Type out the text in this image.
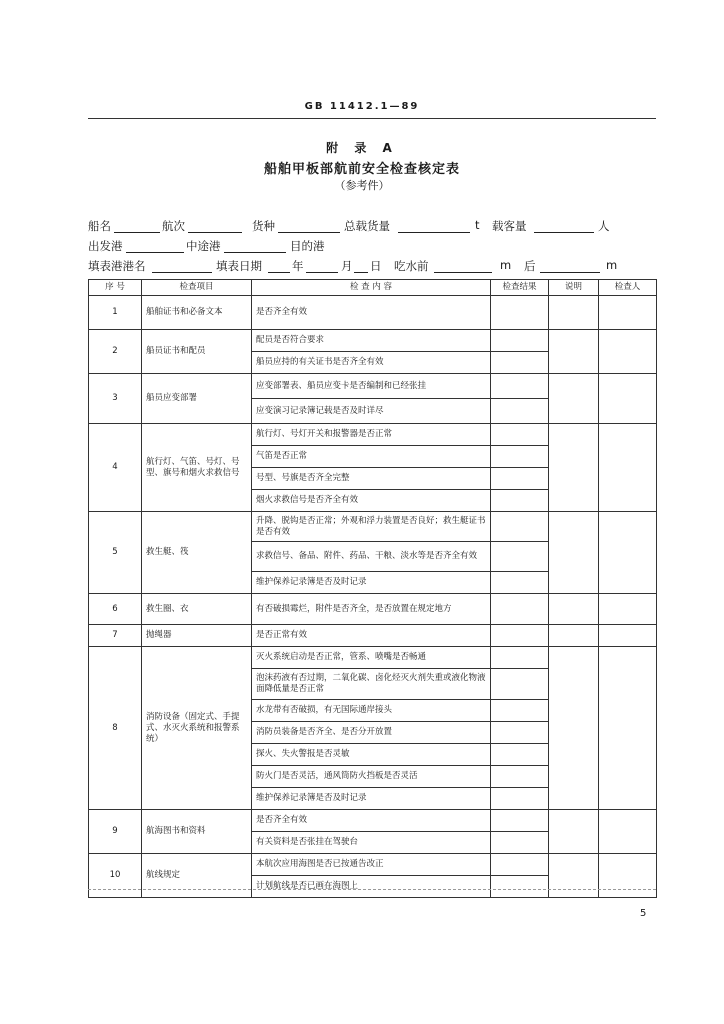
GB 11412.1—89
附 录 A
船舶甲板部航前安全检查核定表
（参考件）
船名	航次	货种	总载货量	t 载客量	人
出发港	中途港	目的港
填表港港名	填表日期	年	月 日 吃水前	m 后	m
序 号	检查项目	检 查 内 容	检查结果	说明	检查人
1	船舶证书和必备文本	是否齐全有效			
2	船员证书和配员	配员是否符合要求			
		船员应持的有关证书是否齐全有效			
3	船员应变部署	应变部署表、船员应变卡是否编制和已经张挂			
		应变演习记录簿记载是否及时详尽			
4	航行灯、气笛、号灯、号型、旗号和烟火求救信号	航行灯、号灯开关和报警器是否正常			
		气笛是否正常			
		号型、号旗是否齐全完整			
		烟火求救信号是否齐全有效			
5	救生艇、筏	升降、脱钩是否正常；外观和浮力装置是否良好；救生艇证书是否有效			
		求救信号、备品、附件、药品、干粮、淡水等是否齐全有效			
		维护保养记录簿是否及时记录			
6	救生圈、衣	有否破损霉烂，附件是否齐全，是否放置在规定地方			
7	抛绳器	是否正常有效			
8	消防设备（固定式、手提式、水灭火系统和报警系统）	灭火系统启动是否正常，管系、喷嘴是否畅通			
		泡沫药液有否过期，二氧化碳、卤化烃灭火剂失重或液化物液面降低量是否正常			
		水龙带有否破损，有无国际通岸接头			
		消防员装备是否齐全、是否分开放置			
		探火、失火警报是否灵敏			
		防火门是否灵活，通风筒防火挡板是否灵活			
		维护保养记录簿是否及时记录			
9	航海图书和资料	是否齐全有效			
		有关资料是否张挂在驾驶台			
10	航线规定	本航次应用海图是否已按通告改正			
		计划航线是否已画在海图上			
5
